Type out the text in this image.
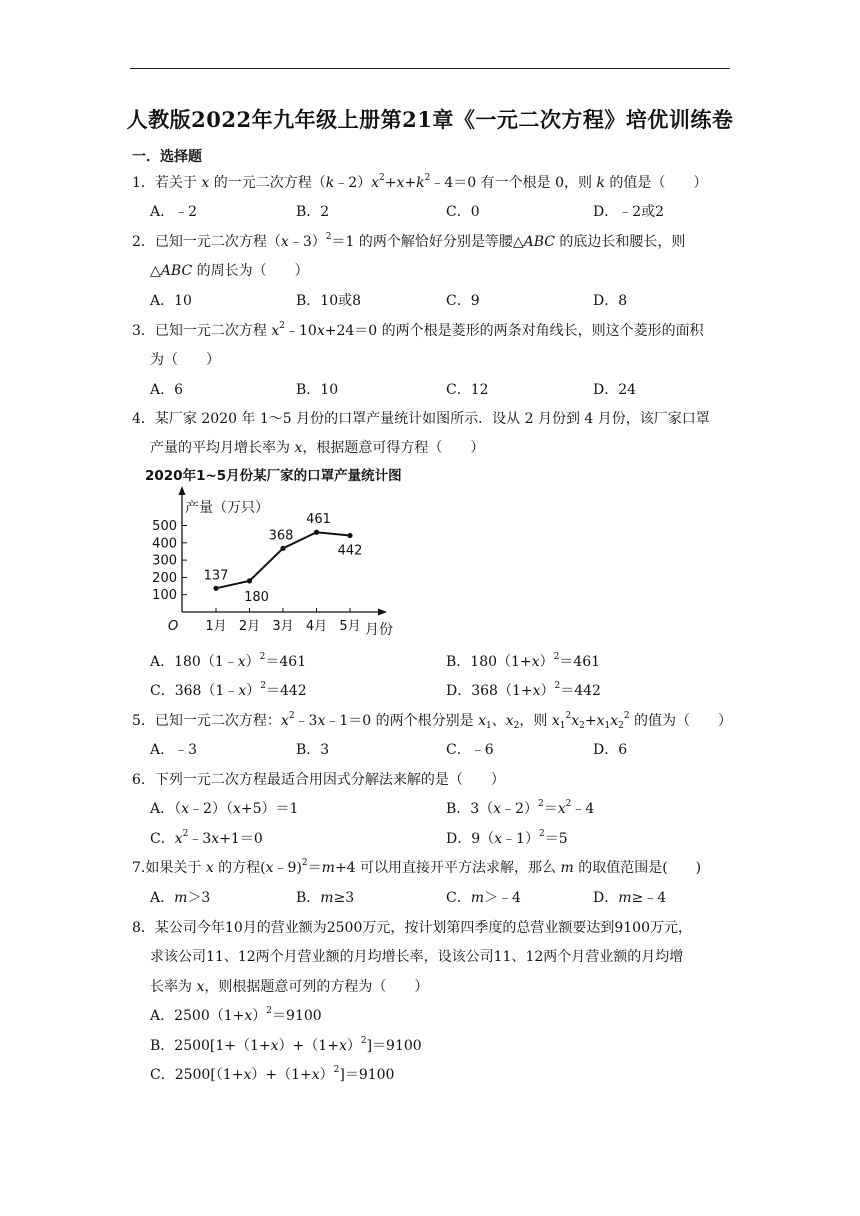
人教版2022年九年级上册第21章《一元二次方程》培优训练卷
一．选择题
1．若关于 x 的一元二次方程$(k﹣2)x^2+x+k^2﹣4=0$ 有一个根是 0，则 k 的值是（　　）
A．﹣2	B．2	C．0	D．﹣2或2
2．已知一元二次方程（x﹣3）$^2$＝1 的两个解恰好分别是等腰△ABC 的底边长和腰长，则
△ABC 的周长为（　　）
A．10	B．10或8	C．9	D．8
3．已知一元二次方程 $x^2﹣10x+24=0$ 的两个根是菱形的两条对角线长，则这个菱形的面积
为（　　）
A．6	B．10	C．12	D．24
4．某厂家 2020 年 1～5 月份的口罩产量统计如图所示．设从 2 月份到 4 月份，该厂家口罩
产量的平均月增长率为 x，根据题意可得方程（　　）
2020年1~5月份某厂家的口罩产量统计图
产量（万只）
月份
O
100
200
300
400
500
1月 2月 3月 4月 5月
137
180
368
461
442
A．180（1﹣x）$^2$＝461	B．$180(1+x)^2=461$
C．368（1﹣x）$^2$＝442	D．$368(1+x)^2=442$
5．已知一元二次方程：$x^2﹣3x﹣1=0$ 的两个根分别是 $x_1$、$x_2$，则 $x_1^2x_2+x_1x_2^2$ 的值为（　　）
A．﹣3	B．3	C．﹣6	D．6
6．下列一元二次方程最适合用因式分解法来解的是（　　）
A．（x﹣2）（x+5）＝1	B．$3(x﹣2)^2=x^2﹣4$
C．$x^2﹣3x+1=0$	D．9（x﹣1）$^2$＝5
7.如果关于 x 的方程(x﹣9)$^2$＝m+4 可以用直接开平方法求解，那么 m 的取值范围是(　　)
A．m＞3	B．m≥3	C．m＞﹣4	D．m≥﹣4
8．某公司今年10月的营业额为2500万元，按计划第四季度的总营业额要达到9100万元，
求该公司11、12两个月营业额的月均增长率，设该公司11、12两个月营业额的月均增
长率为 x，则根据题意可列的方程为（　　）
A．$2500(1+x)^2=9100$
B．$2500[1+(1+x)+(1+x)^2]=9100$
C．$2500[(1+x)+(1+x)^2]=9100$
